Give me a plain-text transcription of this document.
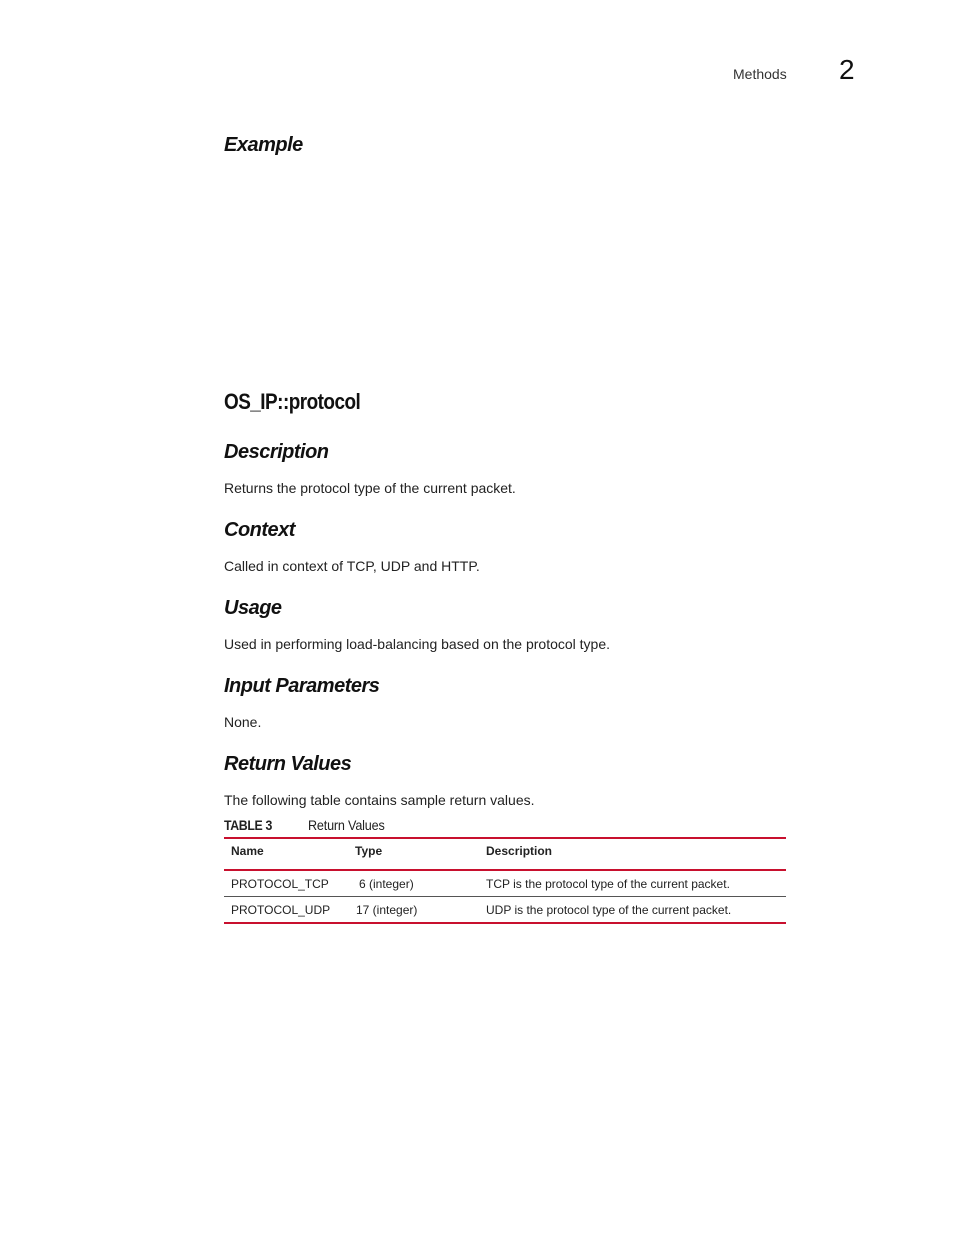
Methods 2
Example
OS_IP::protocol
Description

Returns the protocol type of the current packet.

Context

Called in context of TCP, UDP and HTTP.

Usage

Used in performing load-balancing based on the protocol type.

Input Parameters

None.

Return Values

The following table contains sample return values.

TABLE 3	Return Values
Name	Type	Description
PROTOCOL_TCP	6 (integer)	TCP is the protocol type of the current packet.
PROTOCOL_UDP 17 (integer)	UDP is the protocol type of the current packet.
